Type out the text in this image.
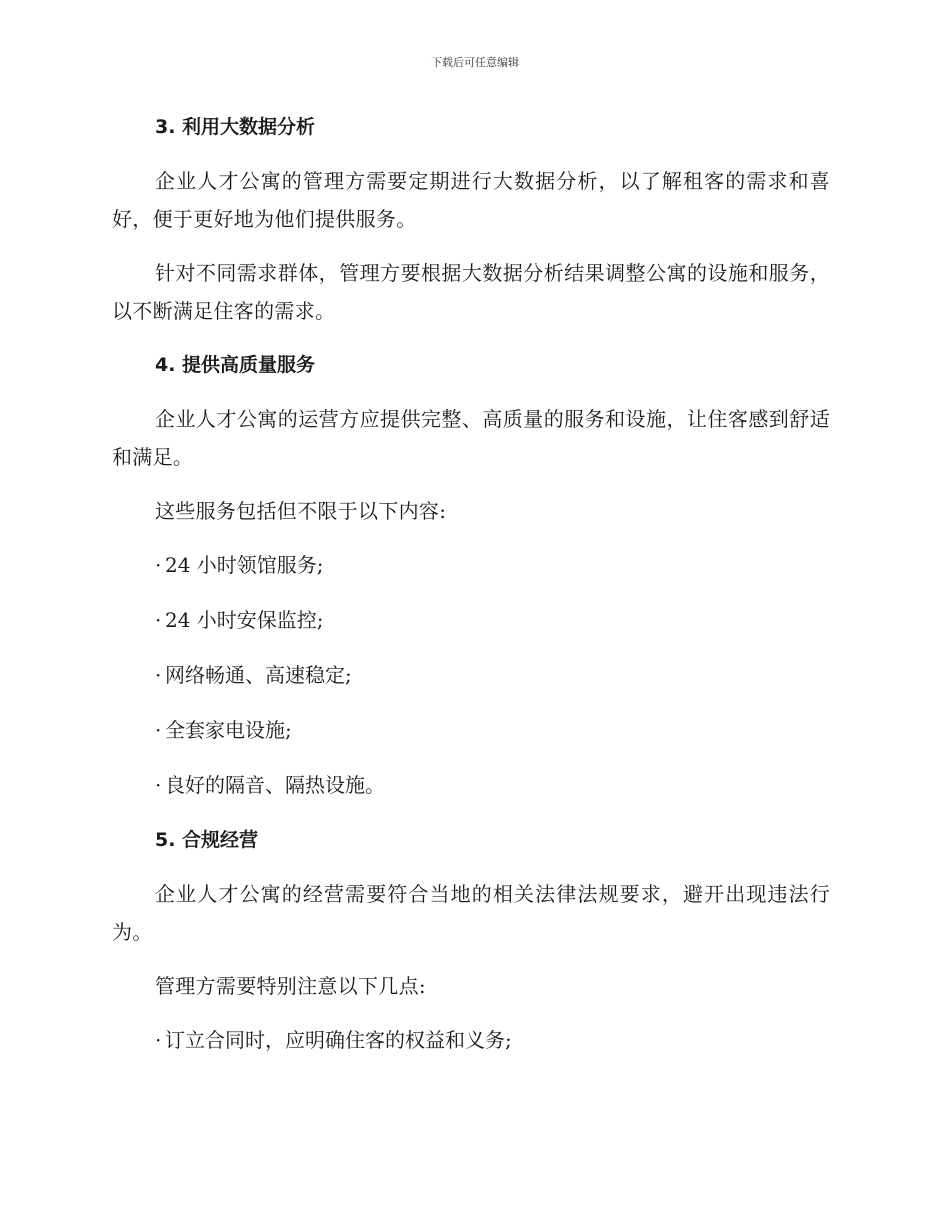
下载后可任意编辑
3. 利用大数据分析

企业人才公寓的管理方需要定期进行大数据分析，以了解租客的需求和喜好，便于更好地为他们提供服务。

针对不同需求群体，管理方要根据大数据分析结果调整公寓的设施和服务，以不断满足住客的需求。

4. 提供高质量服务

企业人才公寓的运营方应提供完整、高质量的服务和设施，让住客感到舒适和满足。

这些服务包括但不限于以下内容:

· 24 小时领馆服务;
· 24 小时安保监控;
· 网络畅通、高速稳定;
· 全套家电设施;
· 良好的隔音、隔热设施。
5. 合规经营

企业人才公寓的经营需要符合当地的相关法律法规要求，避开出现违法行为。

管理方需要特别注意以下几点:

· 订立合同时，应明确住客的权益和义务;
